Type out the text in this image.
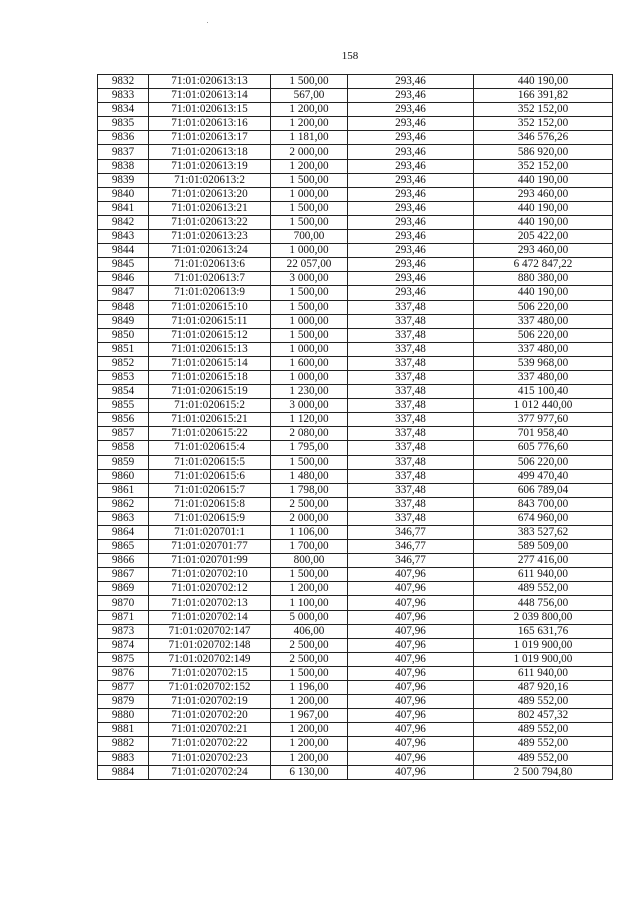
158
9832	71:01:020613:13	1 500,00	293,46	440 190,00
9833	71:01:020613:14	567,00	293,46	166 391,82
9834	71:01:020613:15	1 200,00	293,46	352 152,00
9835	71:01:020613:16	1 200,00	293,46	352 152,00
9836	71:01:020613:17	1 181,00	293,46	346 576,26
9837	71:01:020613:18	2 000,00	293,46	586 920,00
9838	71:01:020613:19	1 200,00	293,46	352 152,00
9839	71:01:020613:2	1 500,00	293,46	440 190,00
9840	71:01:020613:20	1 000,00	293,46	293 460,00
9841	71:01:020613:21	1 500,00	293,46	440 190,00
9842	71:01:020613:22	1 500,00	293,46	440 190,00
9843	71:01:020613:23	700,00	293,46	205 422,00
9844	71:01:020613:24	1 000,00	293,46	293 460,00
9845	71:01:020613:6	22 057,00	293,46	6 472 847,22
9846	71:01:020613:7	3 000,00	293,46	880 380,00
9847	71:01:020613:9	1 500,00	293,46	440 190,00
9848	71:01:020615:10	1 500,00	337,48	506 220,00
9849	71:01:020615:11	1 000,00	337,48	337 480,00
9850	71:01:020615:12	1 500,00	337,48	506 220,00
9851	71:01:020615:13	1 000,00	337,48	337 480,00
9852	71:01:020615:14	1 600,00	337,48	539 968,00
9853	71:01:020615:18	1 000,00	337,48	337 480,00
9854	71:01:020615:19	1 230,00	337,48	415 100,40
9855	71:01:020615:2	3 000,00	337,48	1 012 440,00
9856	71:01:020615:21	1 120,00	337,48	377 977,60
9857	71:01:020615:22	2 080,00	337,48	701 958,40
9858	71:01:020615:4	1 795,00	337,48	605 776,60
9859	71:01:020615:5	1 500,00	337,48	506 220,00
9860	71:01:020615:6	1 480,00	337,48	499 470,40
9861	71:01:020615:7	1 798,00	337,48	606 789,04
9862	71:01:020615:8	2 500,00	337,48	843 700,00
9863	71:01:020615:9	2 000,00	337,48	674 960,00
9864	71:01:020701:1	1 106,00	346,77	383 527,62
9865	71:01:020701:77	1 700,00	346,77	589 509,00
9866	71:01:020701:99	800,00	346,77	277 416,00
9867	71:01:020702:10	1 500,00	407,96	611 940,00
9869	71:01:020702:12	1 200,00	407,96	489 552,00
9870	71:01:020702:13	1 100,00	407,96	448 756,00
9871	71:01:020702:14	5 000,00	407,96	2 039 800,00
9873	71:01:020702:147	406,00	407,96	165 631,76
9874	71:01:020702:148	2 500,00	407,96	1 019 900,00
9875	71:01:020702:149	2 500,00	407,96	1 019 900,00
9876	71:01:020702:15	1 500,00	407,96	611 940,00
9877	71:01:020702:152	1 196,00	407,96	487 920,16
9879	71:01:020702:19	1 200,00	407,96	489 552,00
9880	71:01:020702:20	1 967,00	407,96	802 457,32
9881	71:01:020702:21	1 200,00	407,96	489 552,00
9882	71:01:020702:22	1 200,00	407,96	489 552,00
9883	71:01:020702:23	1 200,00	407,96	489 552,00
9884	71:01:020702:24	6 130,00	407,96	2 500 794,80
